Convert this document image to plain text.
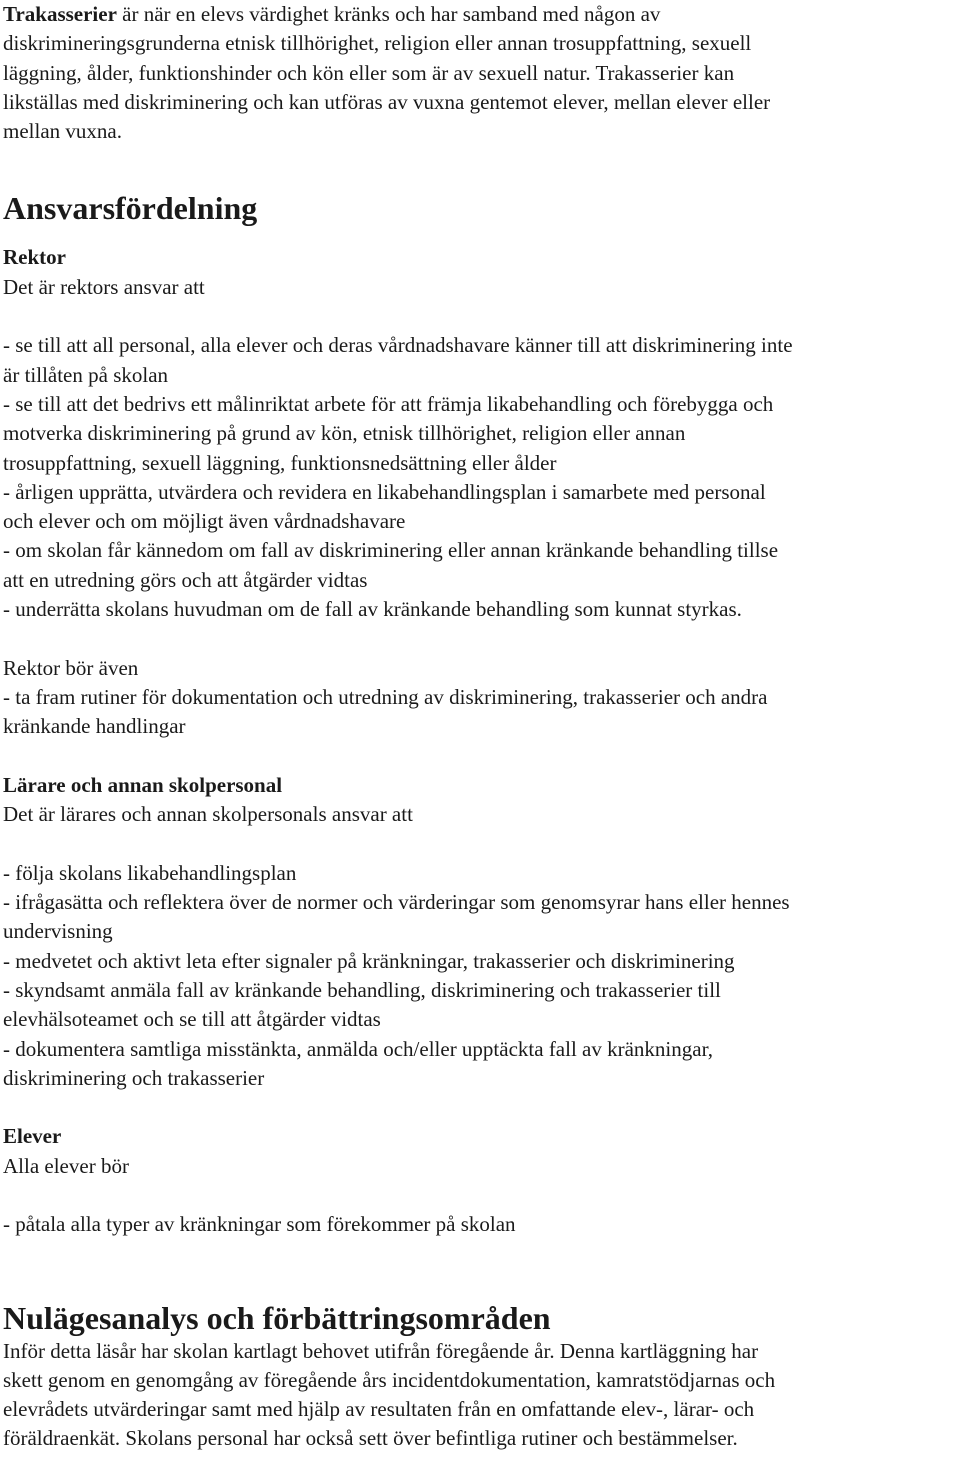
Trakasserier är när en elevs värdighet kränks och har samband med någon av
diskrimineringsgrunderna etnisk tillhörighet, religion eller annan trosuppfattning, sexuell
läggning, ålder, funktionshinder och kön eller som är av sexuell natur. Trakasserier kan
likställas med diskriminering och kan utföras av vuxna gentemot elever, mellan elever eller
mellan vuxna.

Ansvarsfördelning
Rektor

Det är rektors ansvar att

- se till att all personal, alla elever och deras vårdnadshavare känner till att diskriminering inte
är tillåten på skolan
- se till att det bedrivs ett målinriktat arbete för att främja likabehandling och förebygga och
motverka diskriminering på grund av kön, etnisk tillhörighet, religion eller annan
trosuppfattning, sexuell läggning, funktionsnedsättning eller ålder
- årligen upprätta, utvärdera och revidera en likabehandlingsplan i samarbete med personal
och elever och om möjligt även vårdnadshavare
- om skolan får kännedom om fall av diskriminering eller annan kränkande behandling tillse
att en utredning görs och att åtgärder vidtas
- underrätta skolans huvudman om de fall av kränkande behandling som kunnat styrkas.

Rektor bör även

- ta fram rutiner för dokumentation och utredning av diskriminering, trakasserier och andra
kränkande handlingar
Lärare och annan skolpersonal

Det är lärares och annan skolpersonals ansvar att

- följa skolans likabehandlingsplan
- ifrågasätta och reflektera över de normer och värderingar som genomsyrar hans eller hennes
undervisning
- medvetet och aktivt leta efter signaler på kränkningar, trakasserier och diskriminering
- skyndsamt anmäla fall av kränkande behandling, diskriminering och trakasserier till
elevhälsoteamet och se till att åtgärder vidtas
- dokumentera samtliga misstänkta, anmälda och/eller upptäckta fall av kränkningar,
diskriminering och trakasserier
Elever

Alla elever bör

- påtala alla typer av kränkningar som förekommer på skolan
Nulägesanalys och förbättringsområden

Inför detta läsår har skolan kartlagt behovet utifrån föregående år. Denna kartläggning har
skett genom en genomgång av föregående års incidentdokumentation, kamratstödjarnas och
elevrådets utvärderingar samt med hjälp av resultaten från en omfattande elev-, lärar- och
föräldraenkät. Skolans personal har också sett över befintliga rutiner och bestämmelser.
